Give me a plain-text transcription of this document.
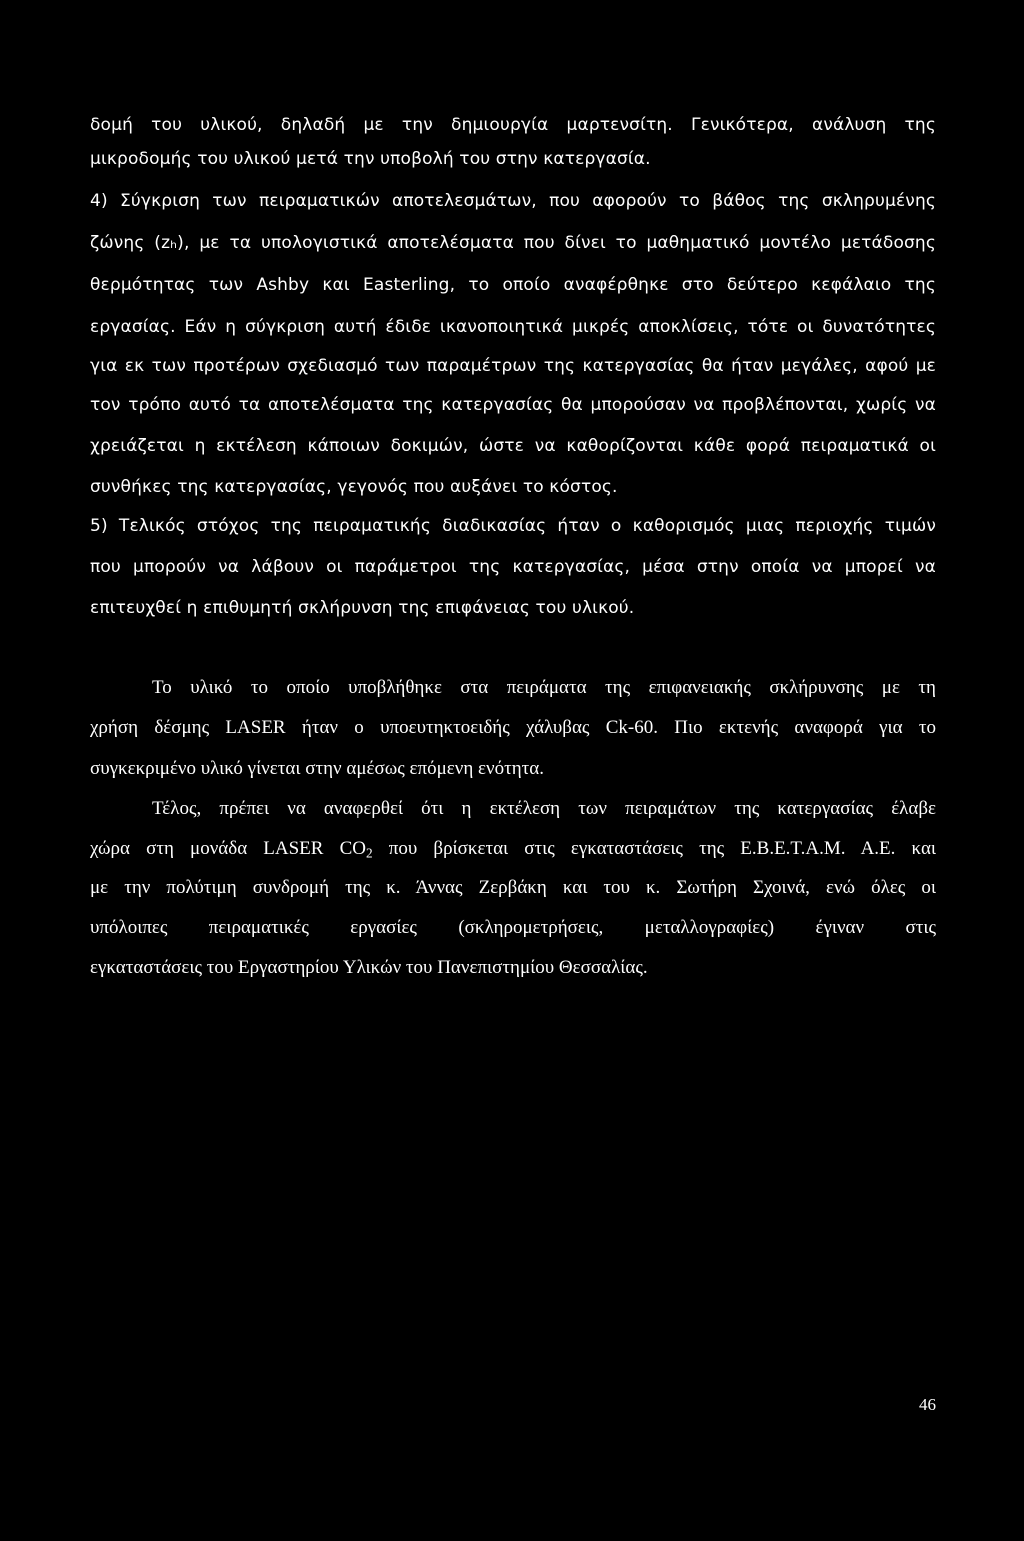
δομή του υλικού, δηλαδή με την δημιουργία μαρτενσίτη. Γενικότερα, ανάλυση της
μικροδομής του υλικού μετά την υποβολή του στην κατεργασία.
4) Σύγκριση των πειραματικών αποτελεσμάτων, που αφορούν το βάθος της σκληρυμένης
ζώνης (zₕ), με τα υπολογιστικά αποτελέσματα που δίνει το μαθηματικό μοντέλο μετάδοσης
θερμότητας των Ashby και Easterling, το οποίο αναφέρθηκε στο δεύτερο κεφάλαιο της
εργασίας. Εάν η σύγκριση αυτή έδιδε ικανοποιητικά μικρές αποκλίσεις, τότε οι δυνατότητες
για εκ των προτέρων σχεδιασμό των παραμέτρων της κατεργασίας θα ήταν μεγάλες, αφού με
τον τρόπο αυτό τα αποτελέσματα της κατεργασίας θα μπορούσαν να προβλέπονται, χωρίς να
χρειάζεται η εκτέλεση κάποιων δοκιμών, ώστε να καθορίζονται κάθε φορά πειραματικά οι
συνθήκες της κατεργασίας, γεγονός που αυξάνει το κόστος.
5) Τελικός στόχος της πειραματικής διαδικασίας ήταν ο καθορισμός μιας περιοχής τιμών
που μπορούν να λάβουν οι παράμετροι της κατεργασίας, μέσα στην οποία να μπορεί να
επιτευχθεί η επιθυμητή σκλήρυνση της επιφάνειας του υλικού.
Το υλικό το οποίο υποβλήθηκε στα πειράματα της επιφανειακής σκλήρυνσης με τη
χρήση δέσμης LASER ήταν ο υποευτηκτοειδής χάλυβας Ck-60. Πιο εκτενής αναφορά για το
συγκεκριμένο υλικό γίνεται στην αμέσως επόμενη ενότητα.
Τέλος, πρέπει να αναφερθεί ότι η εκτέλεση των πειραμάτων της κατεργασίας έλαβε
χώρα στη μονάδα LASER $CO_2$ που βρίσκεται στις εγκαταστάσεις της Ε.Β.Ε.Τ.Α.Μ. Α.Ε. και
με την πολύτιμη συνδρομή της κ. Άννας Ζερβάκη και του κ. Σωτήρη Σχοινά, ενώ όλες οι
υπόλοιπες πειραματικές εργασίες (σκληρομετρήσεις, μεταλλογραφίες) έγιναν στις
εγκαταστάσεις του Εργαστηρίου Υλικών του Πανεπιστημίου Θεσσαλίας.
46
